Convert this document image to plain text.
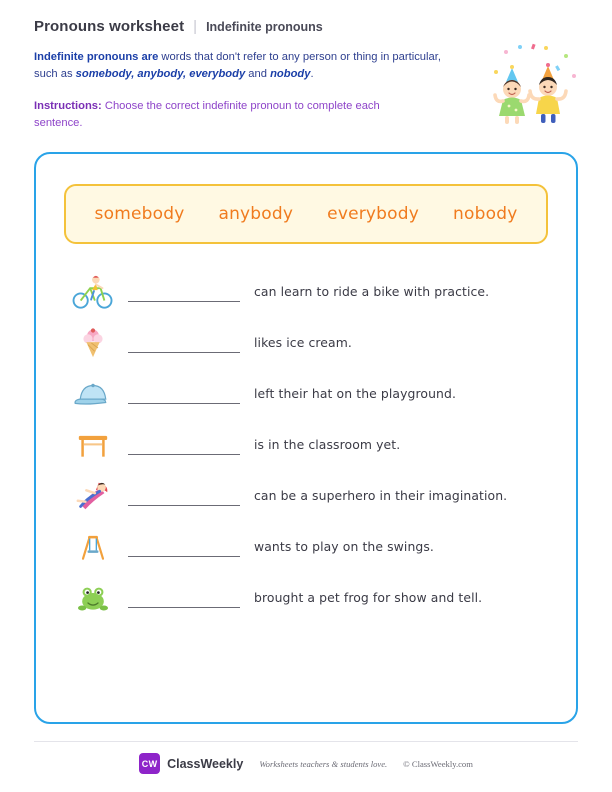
Pronouns worksheet | Indefinite pronouns
Indefinite pronouns are words that don't refer to any person or thing in particular, such as somebody, anybody, everybody and nobody.
Instructions: Choose the correct indefinite pronoun to complete each sentence.
somebody anybody everybody nobody
can learn to ride a bike with practice.
likes ice cream.
left their hat on the playground.
is in the classroom yet.
can be a superhero in their imagination.
wants to play on the swings.
brought a pet frog for show and tell.
CW ClassWeekly Worksheets teachers & students love. © ClassWeekly.com
